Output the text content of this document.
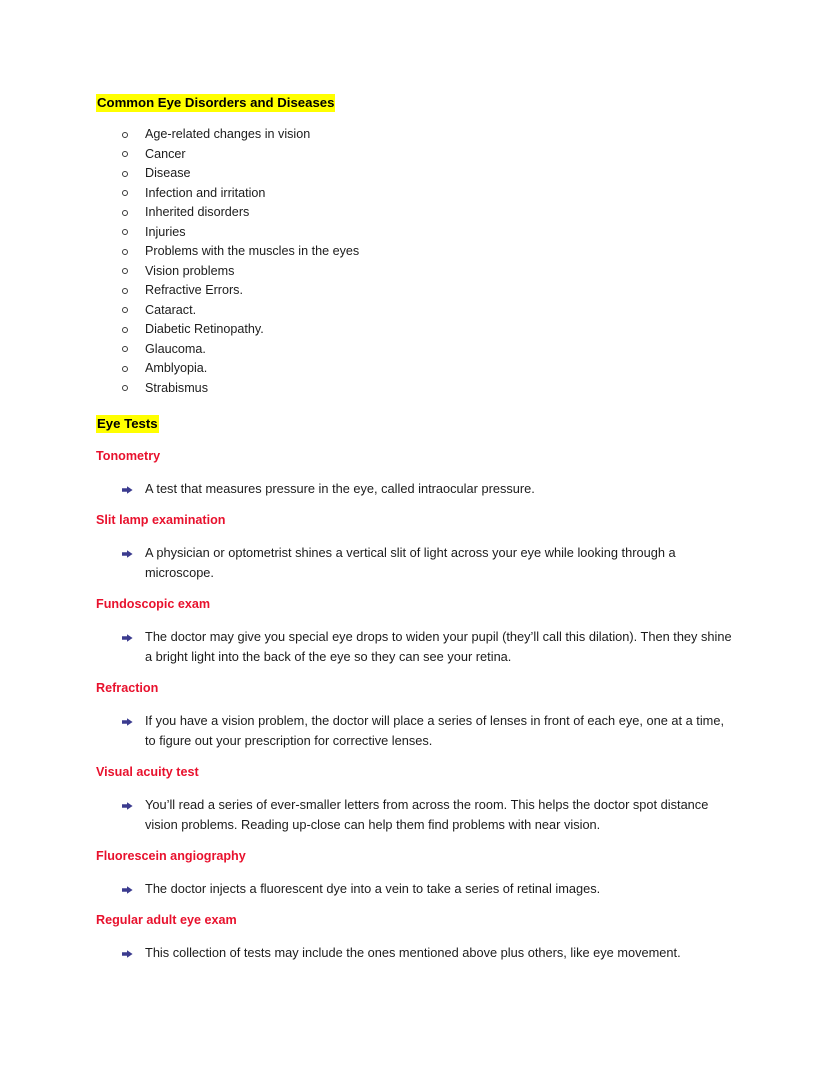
Common Eye Disorders and Diseases
Age-related changes in vision
Cancer
Disease
Infection and irritation
Inherited disorders
Injuries
Problems with the muscles in the eyes
Vision problems
Refractive Errors.
Cataract.
Diabetic Retinopathy.
Glaucoma.
Amblyopia.
Strabismus
Eye Tests
Tonometry
A test that measures pressure in the eye, called intraocular pressure.
Slit lamp examination
A physician or optometrist shines a vertical slit of light across your eye while looking through a microscope.
Fundoscopic exam
The doctor may give you special eye drops to widen your pupil (they’ll call this dilation). Then they shine a bright light into the back of the eye so they can see your retina.
Refraction
If you have a vision problem, the doctor will place a series of lenses in front of each eye, one at a time, to figure out your prescription for corrective lenses.
Visual acuity test
You’ll read a series of ever-smaller letters from across the room. This helps the doctor spot distance vision problems. Reading up-close can help them find problems with near vision.
Fluorescein angiography
The doctor injects a fluorescent dye into a vein to take a series of retinal images.
Regular adult eye exam
This collection of tests may include the ones mentioned above plus others, like eye movement.
